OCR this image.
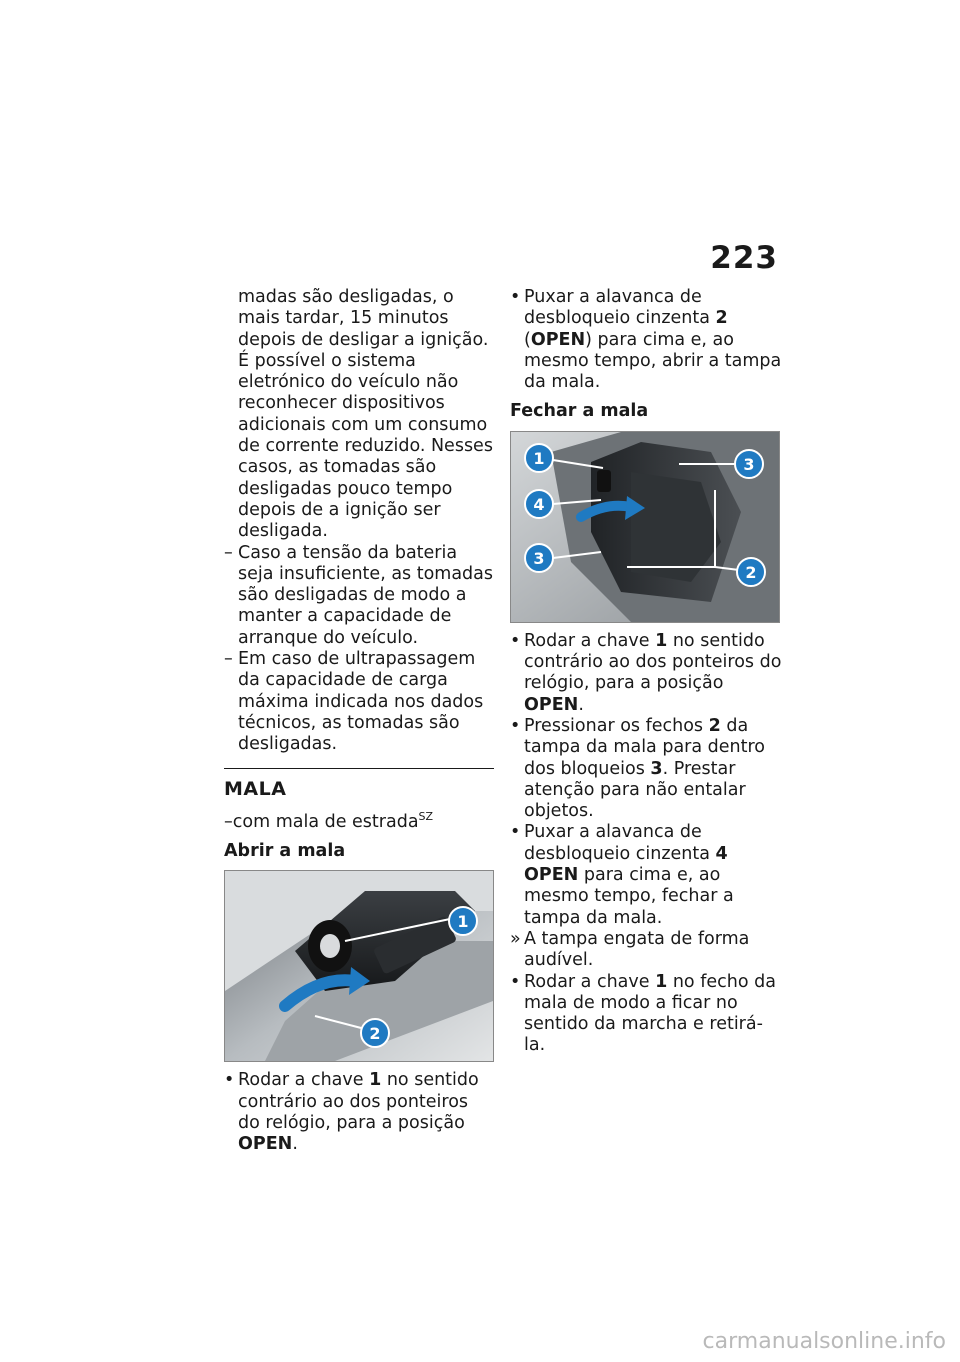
223

madas são desligadas, o mais tardar, 15 minutos depois de desligar a ignição. É possível o sistema eletrónico do veículo não reconhecer dispositivos adicionais com um consumo de corrente reduzido. Nesses casos, as tomadas são desligadas pouco tempo depois de a ignição ser desligada.

– Caso a tensão da bateria seja insuficiente, as tomadas são desligadas de modo a manter a capacidade de arranque do veículo.
– Em caso de ultrapassagem da capacidade de carga máxima indicada nos dados técnicos, as tomadas são desligadas.
MALA
–com mala de estrada$^{SZ}$
Abrir a mala
1
2
• Rodar a chave 1 no sentido contrário ao dos ponteiros do relógio, para a posição OPEN.
• Puxar a alavanca de desbloqueio cinzenta 2 (OPEN) para cima e, ao mesmo tempo, abrir a tampa da mala.
Fechar a mala
1
4
3
3
2
• Rodar a chave 1 no sentido contrário ao dos ponteiros do relógio, para a posição OPEN.
• Pressionar os fechos 2 da tampa da mala para dentro dos bloqueios 3. Prestar atenção para não entalar objetos.
• Puxar a alavanca de desbloqueio cinzenta 4 OPEN para cima e, ao mesmo tempo, fechar a tampa da mala.
» A tampa engata de forma audível.
• Rodar a chave 1 no fecho da mala de modo a ficar no sentido da marcha e retirá-la.
carmanualsonline.info
